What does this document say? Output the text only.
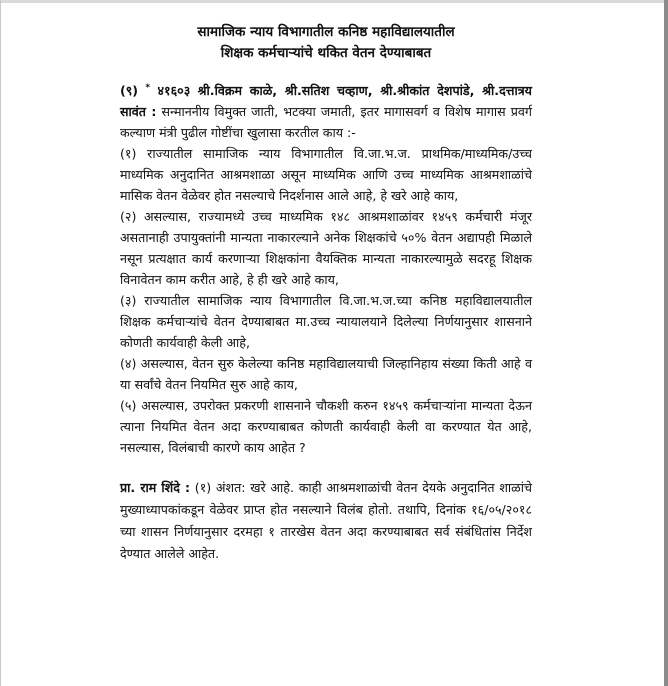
सामाजिक न्याय विभागातील कनिष्ठ महाविद्यालयातील
शिक्षक कर्मचाऱ्यांचे थकित वेतन देण्याबाबत
(९) * ४१६०३ श्री.विक्रम काळे, श्री.सतिश चव्हाण, श्री.श्रीकांत देशपांडे, श्री.दत्तात्रय सावंत : सन्माननीय विमुक्त जाती, भटक्या जमाती, इतर मागासवर्ग व विशेष मागास प्रवर्ग कल्याण मंत्री पुढील गोष्टींचा खुलासा करतील काय :-

(१) राज्यातील सामाजिक न्याय विभागातील वि.जा.भ.ज. प्राथमिक/माध्यमिक/उच्च माध्यमिक अनुदानित आश्रमशाळा असून माध्यमिक आणि उच्च माध्यमिक आश्रमशाळांचे मासिक वेतन वेळेवर होत नसल्याचे निदर्शनास आले आहे, हे खरे आहे काय,

(२) असल्यास, राज्यामध्ये उच्च माध्यमिक १४८ आश्रमशाळांवर १४५९ कर्मचारी मंजूर असतानाही उपायुक्तांनी मान्यता नाकारल्याने अनेक शिक्षकांचे ५०% वेतन अद्यापही मिळाले नसून प्रत्यक्षात कार्य करणाऱ्या शिक्षकांना वैयक्तिक मान्यता नाकारल्यामुळे सदरहू शिक्षक विनावेतन काम करीत आहे, हे ही खरे आहे काय,

(३) राज्यातील सामाजिक न्याय विभागातील वि.जा.भ.ज.च्या कनिष्ठ महाविद्यालयातील शिक्षक कर्मचाऱ्यांचे वेतन देण्याबाबत मा.उच्च न्यायालयाने दिलेल्या निर्णयानुसार शासनाने कोणती कार्यवाही केली आहे,

(४) असल्यास, वेतन सुरु केलेल्या कनिष्ठ महाविद्यालयाची जिल्हानिहाय संख्या किती आहे व या सर्वांचे वेतन नियमित सुरु आहे काय,

(५) असल्यास, उपरोक्त प्रकरणी शासनाने चौकशी करुन १४५९ कर्मचाऱ्यांना मान्यता देऊन त्याना नियमित वेतन अदा करण्याबाबत कोणती कार्यवाही केली वा करण्यात येत आहे, नसल्यास, विलंबाची कारणे काय आहेत ?

प्रा. राम शिंदे : (१) अंशत: खरे आहे. काही आश्रमशाळांची वेतन देयके अनुदानित शाळांचे मुख्याध्यापकांकडून वेळेवर प्राप्त होत नसल्याने विलंब होतो. तथापि, दिनांक १६/०५/२०१८ च्या शासन निर्णयानुसार दरमहा १ तारखेस वेतन अदा करण्याबाबत सर्व संबंधितांस निर्देश देण्यात आलेले आहेत.
